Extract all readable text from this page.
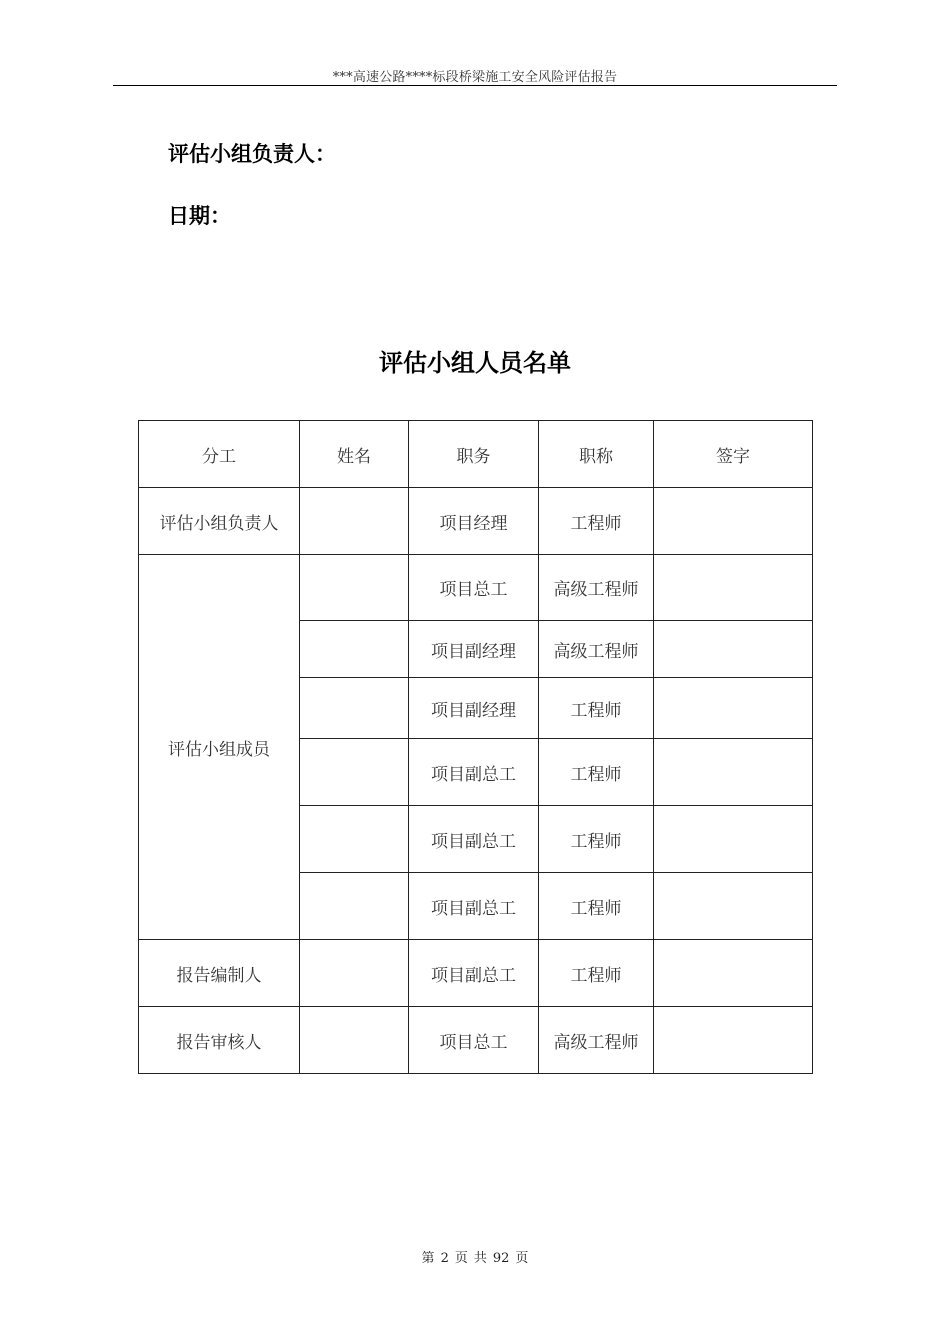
***高速公路****标段桥梁施工安全风险评估报告
评估小组负责人：
日期：
评估小组人员名单
分工	姓名	职务	职称	签字
评估小组负责人		项目经理	工程师	
评估小组成员		项目总工	高级工程师	
		项目副经理	高级工程师	
		项目副经理	工程师	
		项目副总工	工程师	
		项目副总工	工程师	
		项目副总工	工程师	
报告编制人		项目副总工	工程师	
报告审核人		项目总工	高级工程师	
第 2 页 共 92 页
